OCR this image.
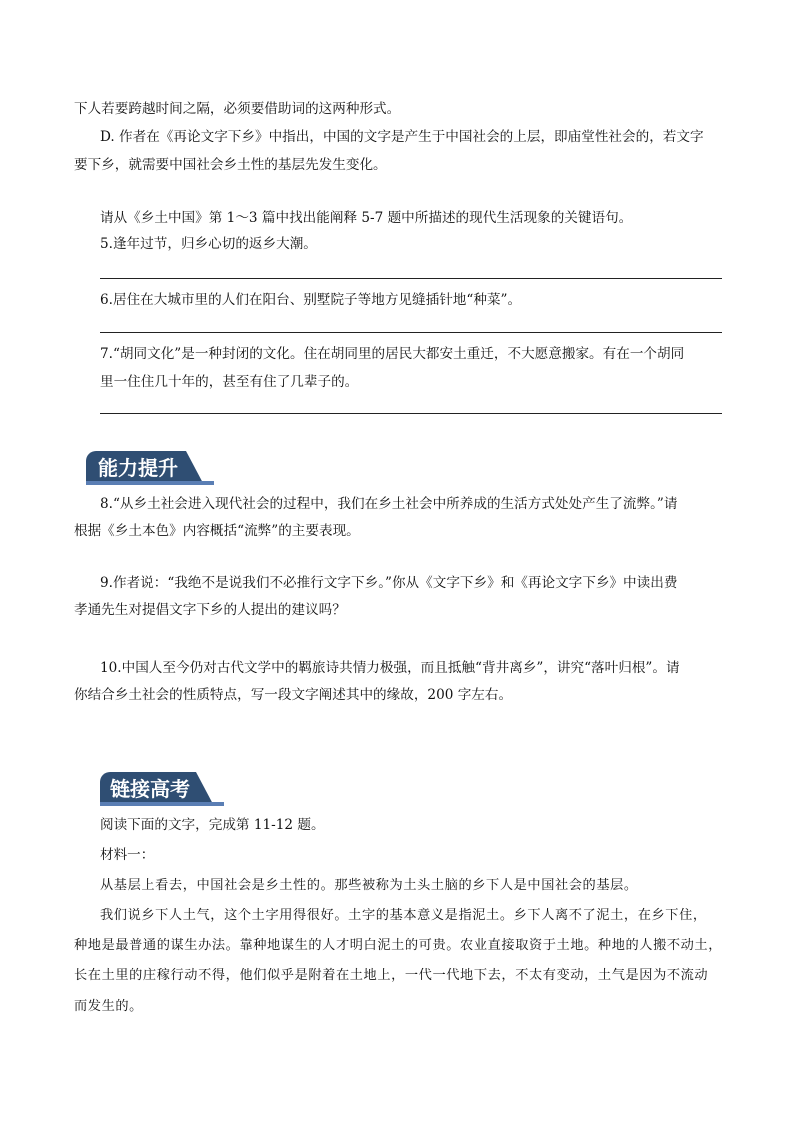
下人若要跨越时间之隔，必须要借助词的这两种形式。
D. 作者在《再论文字下乡》中指出，中国的文字是产生于中国社会的上层，即庙堂性社会的，若文字
要下乡，就需要中国社会乡土性的基层先发生变化。
请从《乡土中国》第 1～3 篇中找出能阐释 5-7 题中所描述的现代生活现象的关键语句。
5.逢年过节，归乡心切的返乡大潮。
6.居住在大城市里的人们在阳台、别墅院子等地方见缝插针地“种菜”。
7.“胡同文化”是一种封闭的文化。住在胡同里的居民大都安土重迁，不大愿意搬家。有在一个胡同
里一住住几十年的，甚至有住了几辈子的。
能力提升
8.“从乡土社会进入现代社会的过程中，我们在乡土社会中所养成的生活方式处处产生了流弊。”请
根据《乡土本色》内容概括“流弊”的主要表现。
9.作者说：“我绝不是说我们不必推行文字下乡。”你从《文字下乡》和《再论文字下乡》中读出费
孝通先生对提倡文字下乡的人提出的建议吗？
10.中国人至今仍对古代文学中的羁旅诗共情力极强，而且抵触“背井离乡”，讲究“落叶归根”。请
你结合乡土社会的性质特点，写一段文字阐述其中的缘故，200 字左右。
链接高考
阅读下面的文字，完成第 11-12 题。
材料一：
从基层上看去，中国社会是乡土性的。那些被称为土头土脑的乡下人是中国社会的基层。
我们说乡下人土气，这个土字用得很好。土字的基本意义是指泥土。乡下人离不了泥土，在乡下住，
种地是最普通的谋生办法。靠种地谋生的人才明白泥土的可贵。农业直接取资于土地。种地的人搬不动土，
长在土里的庄稼行动不得，他们似乎是附着在土地上，一代一代地下去，不太有变动，土气是因为不流动
而发生的。
